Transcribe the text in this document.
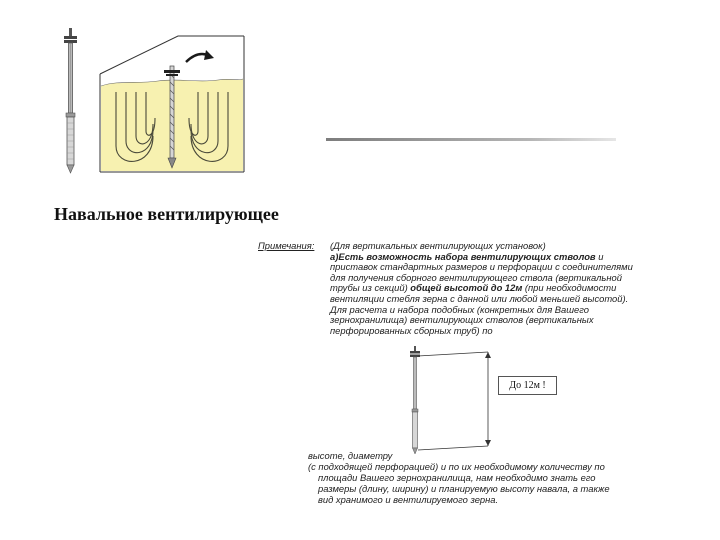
Навальное вентилирующее
Примечания:	(Для вертикальных вентилирующих установок)
а)Есть возможность набора вентилирующих стволов и
приставок стандартных размеров и перфорации с соединителями
для получения сборного вентилирующего ствола (вертикальной
трубы из секций) общей высотой до 12м (при необходимости
вентиляции стебля зерна с данной или любой меньшей высотой).
Для расчета и набора подобных (конкретных для Вашего
зернохранилища) вентилирующих стволов (вертикальных
перфорированных сборных труб) по
До 12м !
высоте, диаметру
(с подходящей перфорацией) и по их необходимому количеству по
площади Вашего зернохранилища, нам необходимо знать его
размеры (длину, ширину) и планируемую высоту навала, а также
вид хранимого и вентилируемого зерна.
